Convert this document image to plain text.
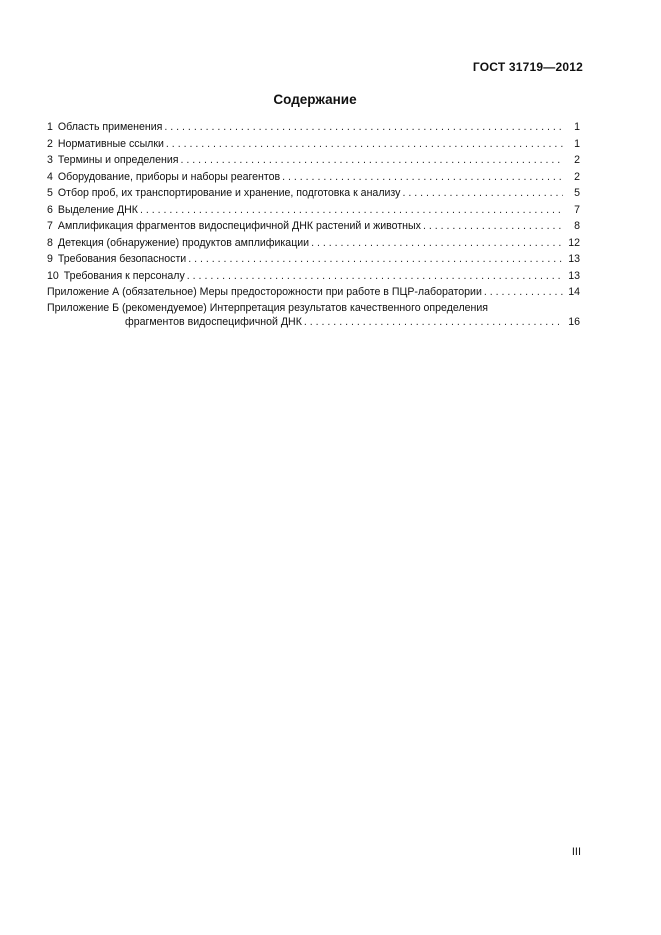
ГОСТ 31719—2012
Содержание
1 Область применения . . .	1
2 Нормативные ссылки . . .	1
3 Термины и определения . . .	2
4 Оборудование, приборы и наборы реагентов . . .	2
5 Отбор проб, их транспортирование и хранение, подготовка к анализу . . .	5
6 Выделение ДНК . . .	7
7 Амплификация фрагментов видоспецифичной ДНК растений и животных . . .	8
8 Детекция (обнаружение) продуктов амплификации . . .	12
9 Требования безопасности . . .	13
10 Требования к персоналу . . .	13
Приложение А (обязательное) Меры предосторожности при работе в ПЦР-лаборатории . . .	14
Приложение Б (рекомендуемое) Интерпретация результатов качественного определения
фрагментов видоспецифичной ДНК . . .	16
III
